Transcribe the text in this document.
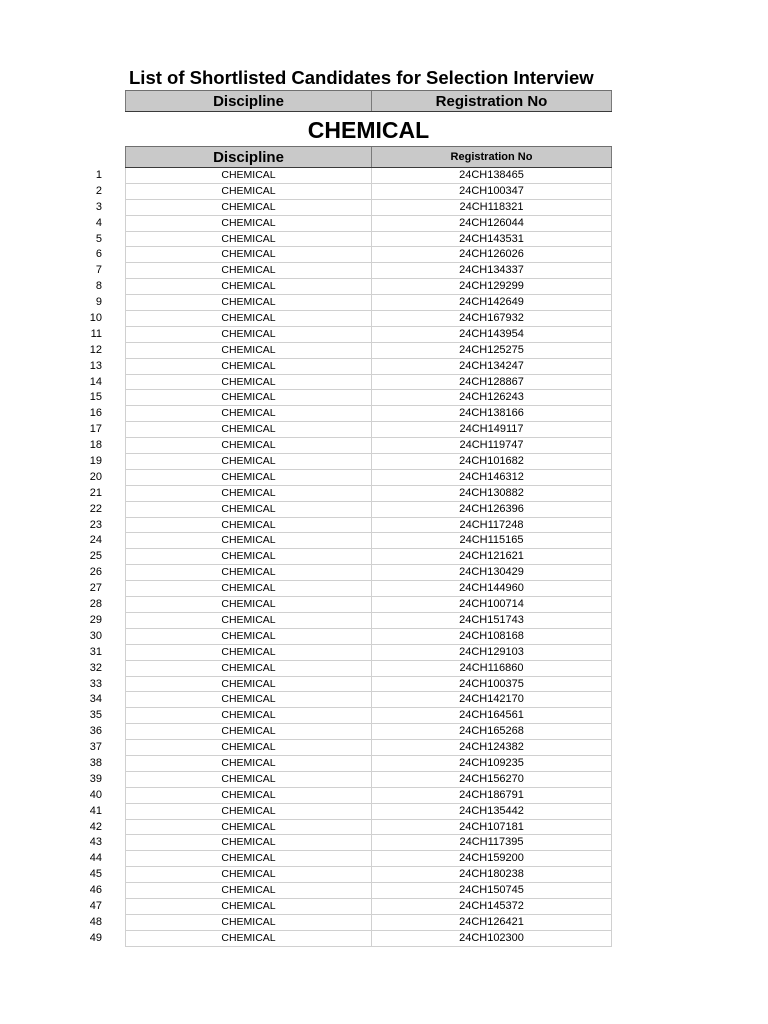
List of Shortlisted Candidates for Selection Interview
Discipline	Registration No
CHEMICAL
Discipline	Registration No
1	CHEMICAL	24CH138465
2	CHEMICAL	24CH100347
3	CHEMICAL	24CH118321
4	CHEMICAL	24CH126044
5	CHEMICAL	24CH143531
6	CHEMICAL	24CH126026
7	CHEMICAL	24CH134337
8	CHEMICAL	24CH129299
9	CHEMICAL	24CH142649
10	CHEMICAL	24CH167932
11	CHEMICAL	24CH143954
12	CHEMICAL	24CH125275
13	CHEMICAL	24CH134247
14	CHEMICAL	24CH128867
15	CHEMICAL	24CH126243
16	CHEMICAL	24CH138166
17	CHEMICAL	24CH149117
18	CHEMICAL	24CH119747
19	CHEMICAL	24CH101682
20	CHEMICAL	24CH146312
21	CHEMICAL	24CH130882
22	CHEMICAL	24CH126396
23	CHEMICAL	24CH117248
24	CHEMICAL	24CH115165
25	CHEMICAL	24CH121621
26	CHEMICAL	24CH130429
27	CHEMICAL	24CH144960
28	CHEMICAL	24CH100714
29	CHEMICAL	24CH151743
30	CHEMICAL	24CH108168
31	CHEMICAL	24CH129103
32	CHEMICAL	24CH116860
33	CHEMICAL	24CH100375
34	CHEMICAL	24CH142170
35	CHEMICAL	24CH164561
36	CHEMICAL	24CH165268
37	CHEMICAL	24CH124382
38	CHEMICAL	24CH109235
39	CHEMICAL	24CH156270
40	CHEMICAL	24CH186791
41	CHEMICAL	24CH135442
42	CHEMICAL	24CH107181
43	CHEMICAL	24CH117395
44	CHEMICAL	24CH159200
45	CHEMICAL	24CH180238
46	CHEMICAL	24CH150745
47	CHEMICAL	24CH145372
48	CHEMICAL	24CH126421
49	CHEMICAL	24CH102300
